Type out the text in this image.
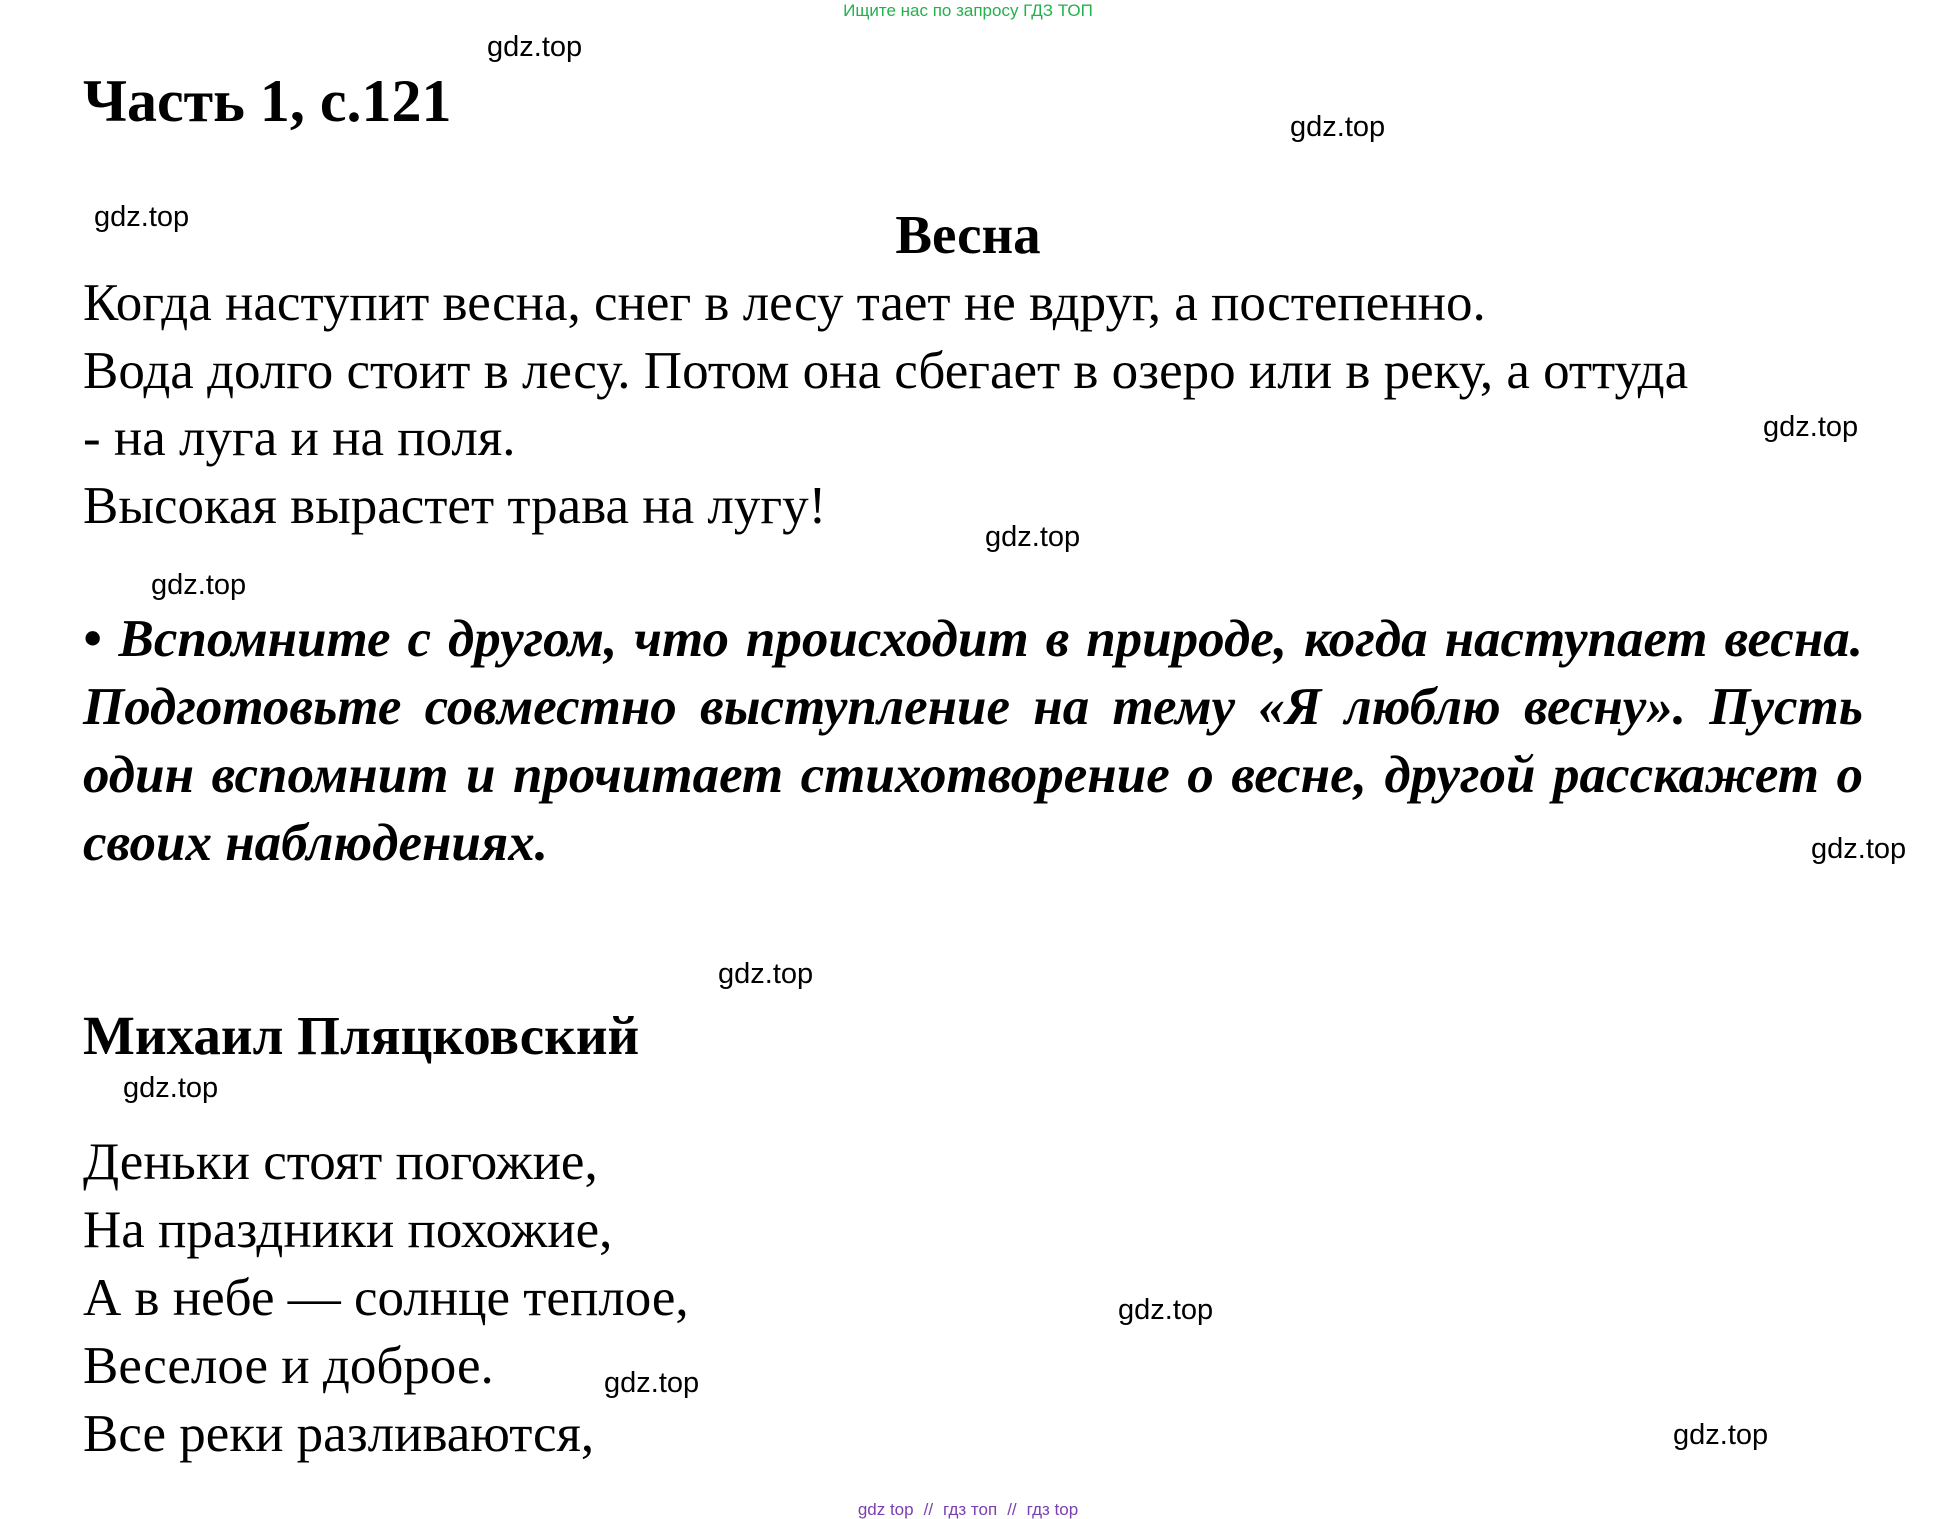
Ищите нас по запросу ГДЗ ТОП
Часть 1, с.121
Весна
Когда наступит весна, снег в лесу тает не вдруг, а постепенно.
Вода долго стоит в лесу. Потом она сбегает в озеро или в реку, а оттуда
- на луга и на поля.
Высокая вырастет трава на лугу!
• Вспомните с другом, что происходит в природе, когда наступает весна. Подготовьте совместно выступление на тему «Я люблю весну». Пусть один вспомнит и прочитает стихотворение о весне, другой расскажет о своих наблюдениях.
Михаил Пляцковский
Деньки стоят погожие,
На праздники похожие,
А в небе — солнце теплое,
Веселое и доброе.
Все реки разливаются,
gdz.top
gdz.top
gdz.top
gdz.top
gdz.top
gdz.top
gdz.top
gdz.top
gdz.top
gdz.top
gdz.top
gdz.top
gdz top // гдз топ // гдз top
